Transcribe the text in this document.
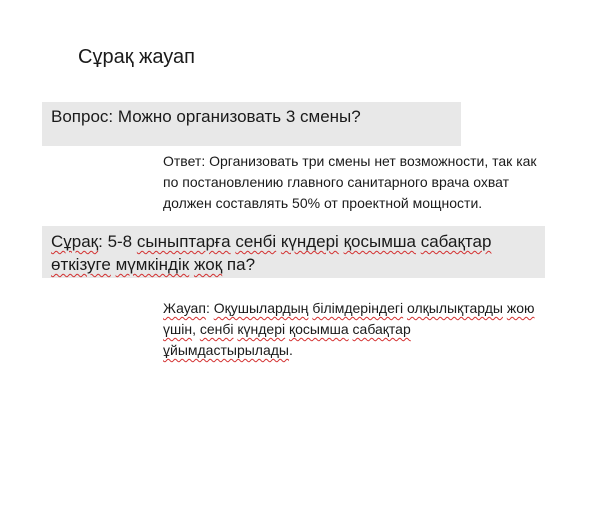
Сұрақ жауап
Вопрос: Можно организовать 3 смены?
Ответ: Организовать три смены нет возможности, так как
по постановлению главного санитарного врача охват
должен составлять 50% от проектной мощности.
Сұрақ: 5-8 сыныптарға сенбі күндері қосымша сабақтар
өткізуге мүмкіндік жоқ па?
Жауап: Оқушылардың білімдеріндегі олқылықтарды жою
үшін, сенбі күндері қосымша сабақтар
ұйымдастырылады.
